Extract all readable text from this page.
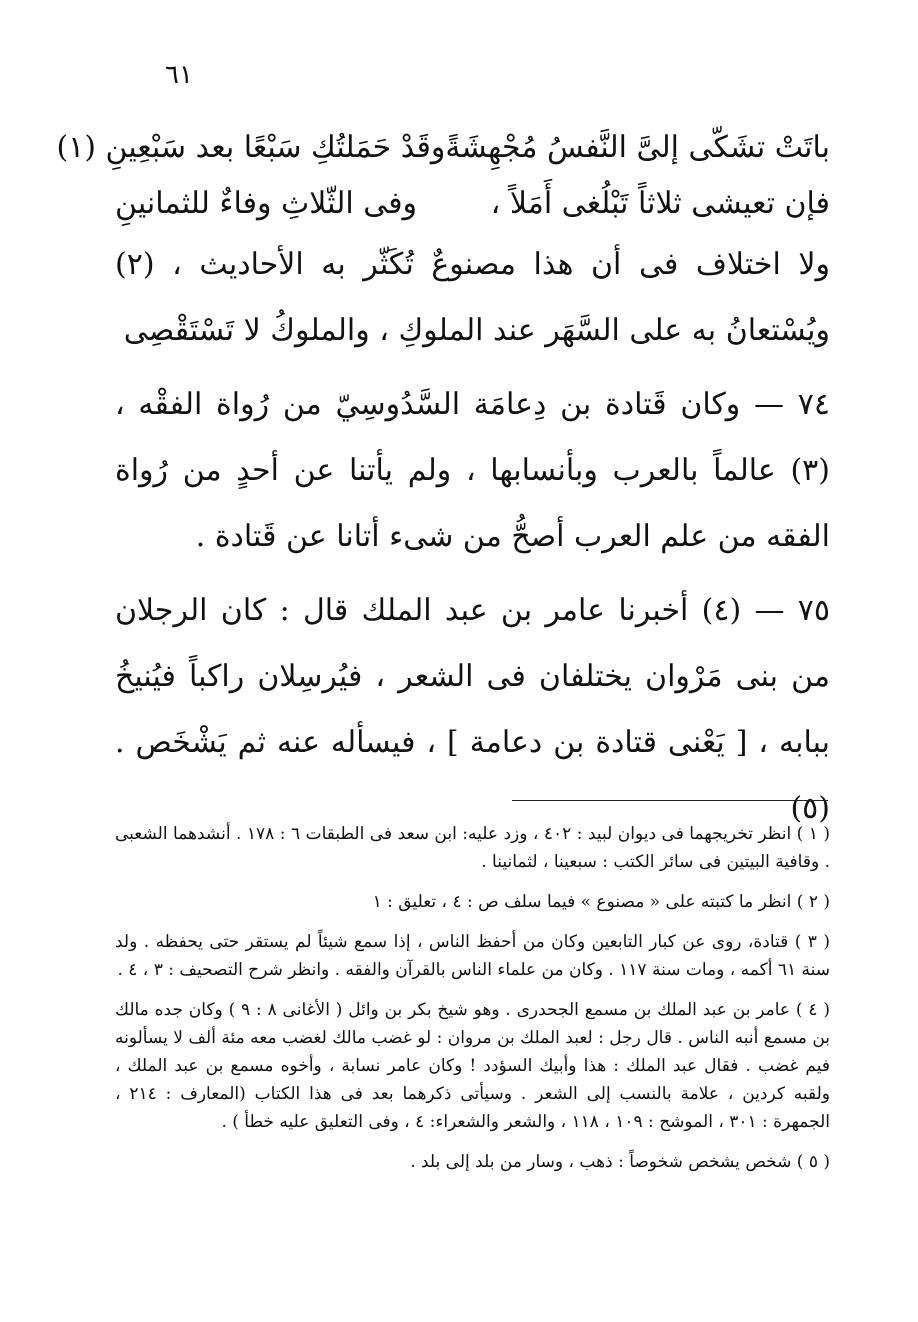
٦١
باتَتْ تشَكّى إلىَّ النَّفسُ مُجْهِشَةً
وقَدْ حَمَلتُكِ سَبْعًا بعد سَبْعِينِ (١)
فإن تعيشى ثلاثاً تَبْلُغى أَمَلاً ،
وفى الثّلاثِ وفاءٌ للثمانينِ

ولا اختلاف فى أن هذا مصنوعٌ تُكَثّر به الأحاديث ، (٢) ويُسْتعانُ به على السَّهَر عند الملوكِ ، والملوكُ لا تَسْتَقْصِى

٧٤ — وكان قَتادة بن دِعامَة السَّدُوسِيّ من رُواة الفقْه ، (٣) عالماً بالعرب وبأنسابها ، ولم يأتنا عن أحدٍ من رُواة الفقه من علم العرب أصحُّ من شىء أتانا عن قَتادة .

٧٥ — (٤) أخبرنا عامر بن عبد الملك قال : كان الرجلان من بنى مَرْوان يختلفان فى الشعر ، فيُرسِلان راكباً فيُنيخُ ببابه ، [ يَعْنى قتادة بن دعامة ] ، فيسأله عنه ثم يَشْخَص . (٥)

( ١ ) انظر تخريجهما فى ديوان لبيد : ٤٠٢ ، وزد عليه: ابن سعد فى الطبقات ٦ : ١٧٨ . أنشدهما الشعبى . وقافية البيتين فى سائر الكتب : سبعينا ، لثمانينا .

( ٢ ) انظر ما كتبته على « مصنوع » فيما سلف ص : ٤ ، تعليق : ١

( ٣ ) قتادة، روى عن كبار التابعين وكان من أحفظ الناس ، إذا سمع شيئاً لم يستقر حتى يحفظه . ولد سنة ٦١ أكمه ، ومات سنة ١١٧ . وكان من علماء الناس بالقرآن والفقه . وانظر شرح التصحيف : ٣ ، ٤ .

( ٤ ) عامر بن عبد الملك بن مسمع الجحدرى . وهو شيخ بكر بن وائل ( الأغانى ٨ : ٩ ) وكان جده مالك بن مسمع أنبه الناس . قال رجل : لعبد الملك بن مروان : لو غضب مالك لغضب معه مئة ألف لا يسألونه فيم غضب . فقال عبد الملك : هذا وأبيك السؤدد ! وكان عامر نسابة ، وأخوه مسمع بن عبد الملك ، ولقبه كردين ، علامة بالنسب إلى الشعر . وسيأتى ذكرهما بعد فى هذا الكتاب (المعارف : ٢١٤ ، الجمهرة : ٣٠١ ، الموشح : ١٠٩ ، ١١٨ ، والشعر والشعراء: ٤ ، وفى التعليق عليه خطأ ) .

( ٥ ) شخص يشخص شخوصاً : ذهب ، وسار من بلد إلى بلد .
